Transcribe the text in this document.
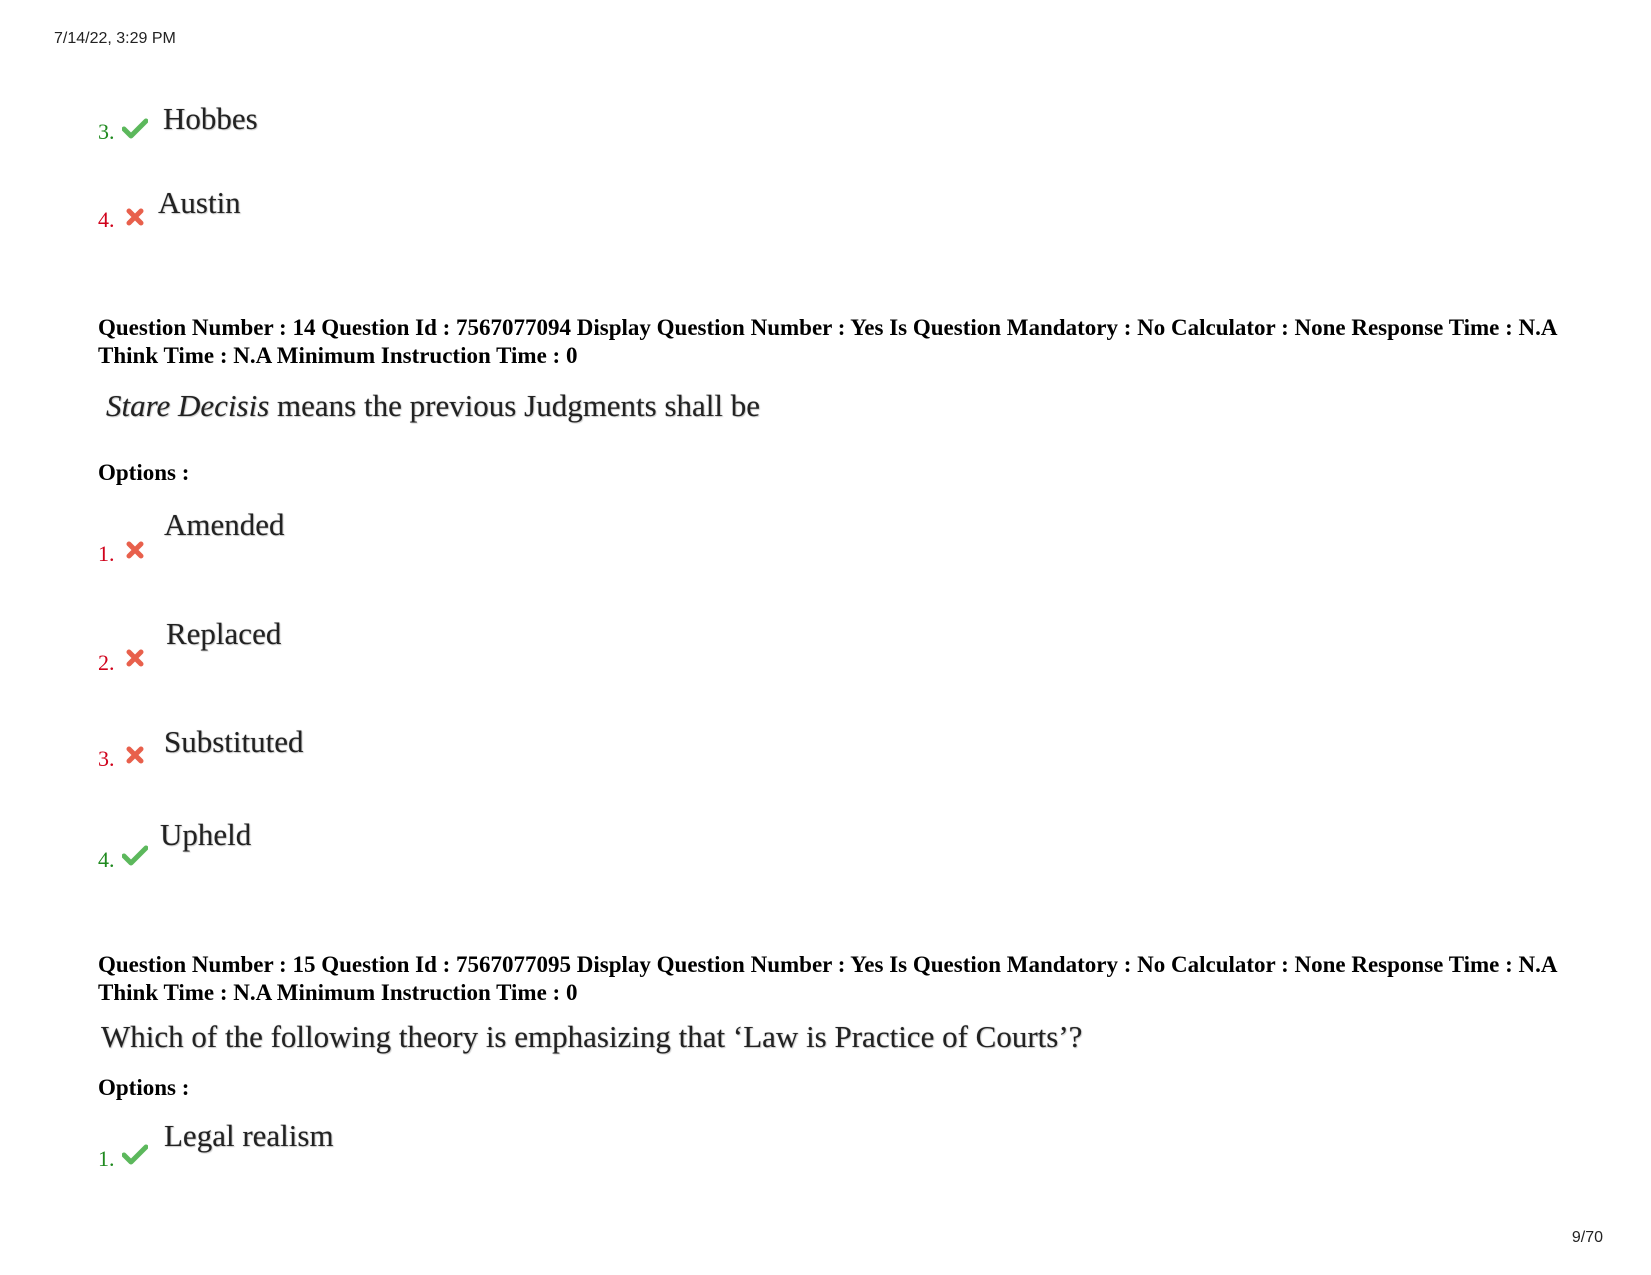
7/14/22, 3:29 PM
9/70
3. Hobbes
4. Austin
Question Number : 14 Question Id : 7567077094 Display Question Number : Yes Is Question Mandatory : No Calculator : None Response Time : N.A Think Time : N.A Minimum Instruction Time : 0
Stare Decisis means the previous Judgments shall be
Options :
1.
Amended
2.
Replaced
3. Substituted
4.
Upheld
Question Number : 15 Question Id : 7567077095 Display Question Number : Yes Is Question Mandatory : No Calculator : None Response Time : N.A Think Time : N.A Minimum Instruction Time : 0
Which of the following theory is emphasizing that ‘Law is Practice of Courts’?
Options :
1.
Legal realism
